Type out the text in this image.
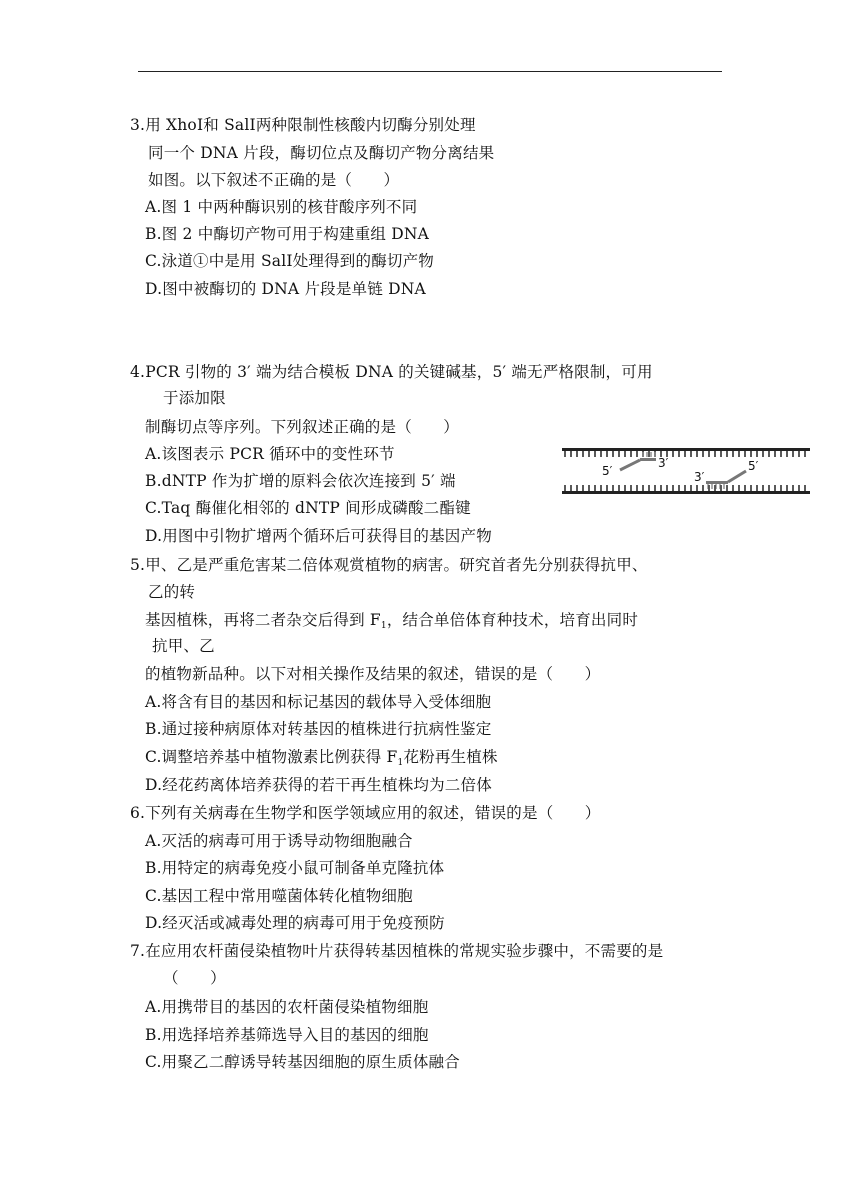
3.用 XhoⅠ和 SalⅠ两种限制性核酸内切酶分别处理
同一个 DNA 片段，酶切位点及酶切产物分离结果
如图。以下叙述不正确的是（　　）
A.图 1 中两种酶识别的核苷酸序列不同
B.图 2 中酶切产物可用于构建重组 DNA
C.泳道①中是用 SalⅠ处理得到的酶切产物
D.图中被酶切的 DNA 片段是单链 DNA
4.PCR 引物的 3′ 端为结合模板 DNA 的关键碱基，5′ 端无严格限制，可用
于添加限
制酶切点等序列。下列叙述正确的是（　　）
A.该图表示 PCR 循环中的变性环节
B.dNTP 作为扩增的原料会依次连接到 5′ 端
C.Taq 酶催化相邻的 dNTP 间形成磷酸二酯键
D.用图中引物扩增两个循环后可获得目的基因产物
5′
3′
3′
5′
5.甲、乙是严重危害某二倍体观赏植物的病害。研究首者先分别获得抗甲、
乙的转
基因植株，再将二者杂交后得到 $F_1$，结合单倍体育种技术，培育出同时
抗甲、乙
的植物新品种。以下对相关操作及结果的叙述，错误的是（　　）
A.将含有目的基因和标记基因的载体导入受体细胞
B.通过接种病原体对转基因的植株进行抗病性鉴定
C.调整培养基中植物激素比例获得 $F_1$花粉再生植株
D.经花药离体培养获得的若干再生植株均为二倍体
6.下列有关病毒在生物学和医学领域应用的叙述，错误的是（　　）
A.灭活的病毒可用于诱导动物细胞融合
B.用特定的病毒免疫小鼠可制备单克隆抗体
C.基因工程中常用噬菌体转化植物细胞
D.经灭活或减毒处理的病毒可用于免疫预防
7.在应用农杆菌侵染植物叶片获得转基因植株的常规实验步骤中，不需要的是
（　　）
A.用携带目的基因的农杆菌侵染植物细胞
B.用选择培养基筛选导入目的基因的细胞
C.用聚乙二醇诱导转基因细胞的原生质体融合
